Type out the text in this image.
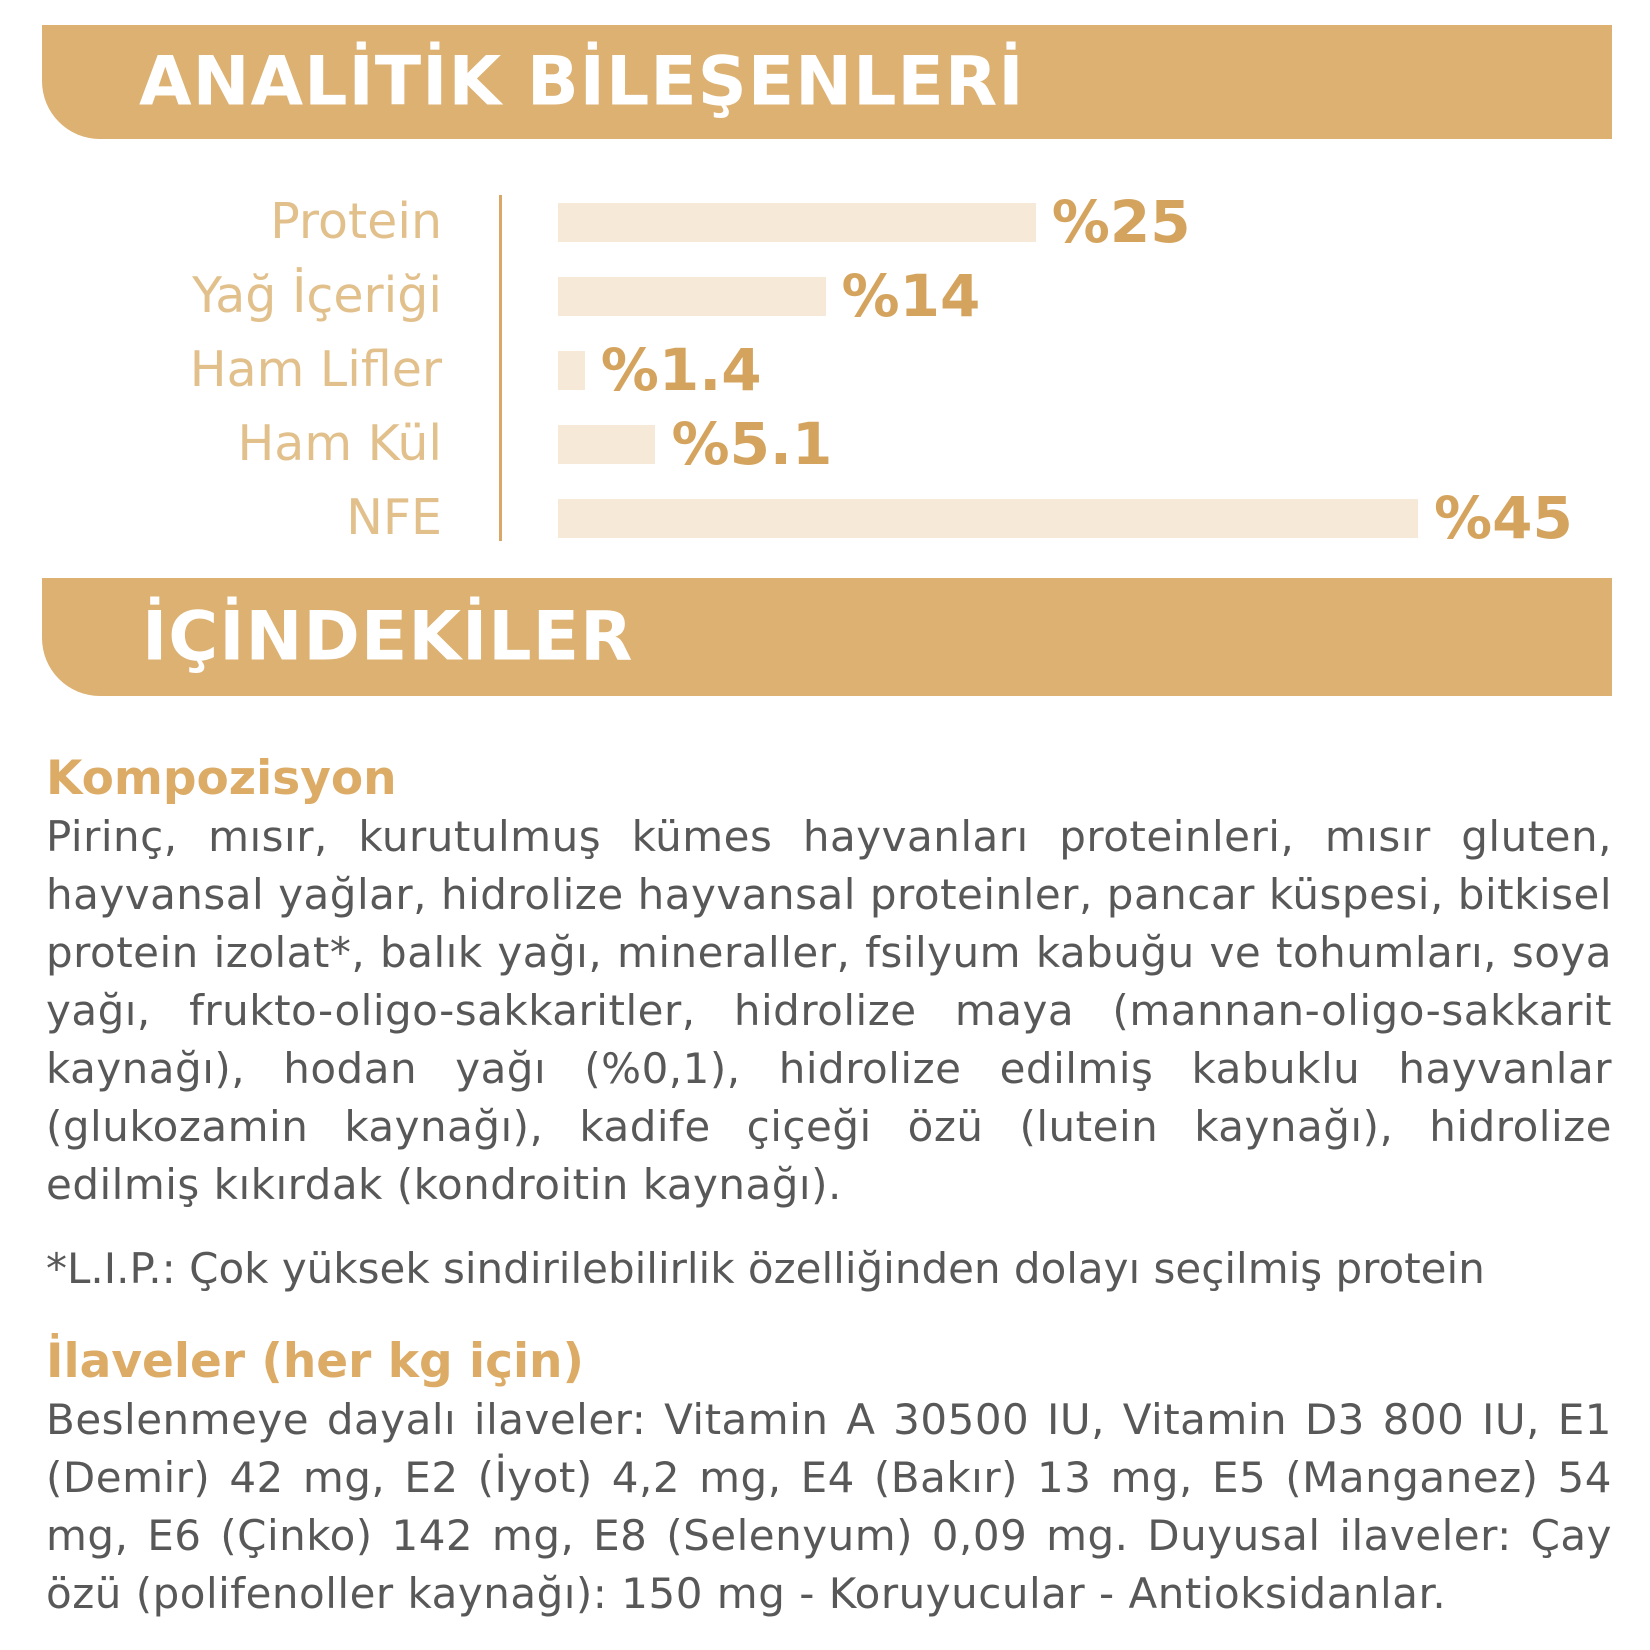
ANALİTİK BİLEŞENLERİ
Protein	%25
Yağ İçeriği	%14
Ham Lifler	%1.4
Ham Kül	%5.1
NFE	%45
İÇİNDEKİLER
Kompozisyon

Pirinç, mısır, kurutulmuş kümes hayvanları proteinleri, mısır gluten, hayvansal yağlar, hidrolize hayvansal proteinler, pancar küspesi, bitkisel protein izolat*, balık yağı, mineraller, fsilyum kabuğu ve tohumları, soya yağı, frukto-oligo-sakkaritler, hidrolize maya (mannan-oligo-sakkarit kaynağı), hodan yağı (%0,1), hidrolize edilmiş kabuklu hayvanlar (glukozamin kaynağı), kadife çiçeği özü (lutein kaynağı), hidrolize edilmiş kıkırdak (kondroitin kaynağı).

*L.I.P.: Çok yüksek sindirilebilirlik özelliğinden dolayı seçilmiş protein

İlaveler (her kg için)

Beslenmeye dayalı ilaveler: Vitamin A 30500 IU, Vitamin D3 800 IU, E1 (Demir) 42 mg, E2 (İyot) 4,2 mg, E4 (Bakır) 13 mg, E5 (Manganez) 54 mg, E6 (Çinko) 142 mg, E8 (Selenyum) 0,09 mg. Duyusal ilaveler: Çay özü (polifenoller kaynağı): 150 mg - Koruyucular - Antioksidanlar.
